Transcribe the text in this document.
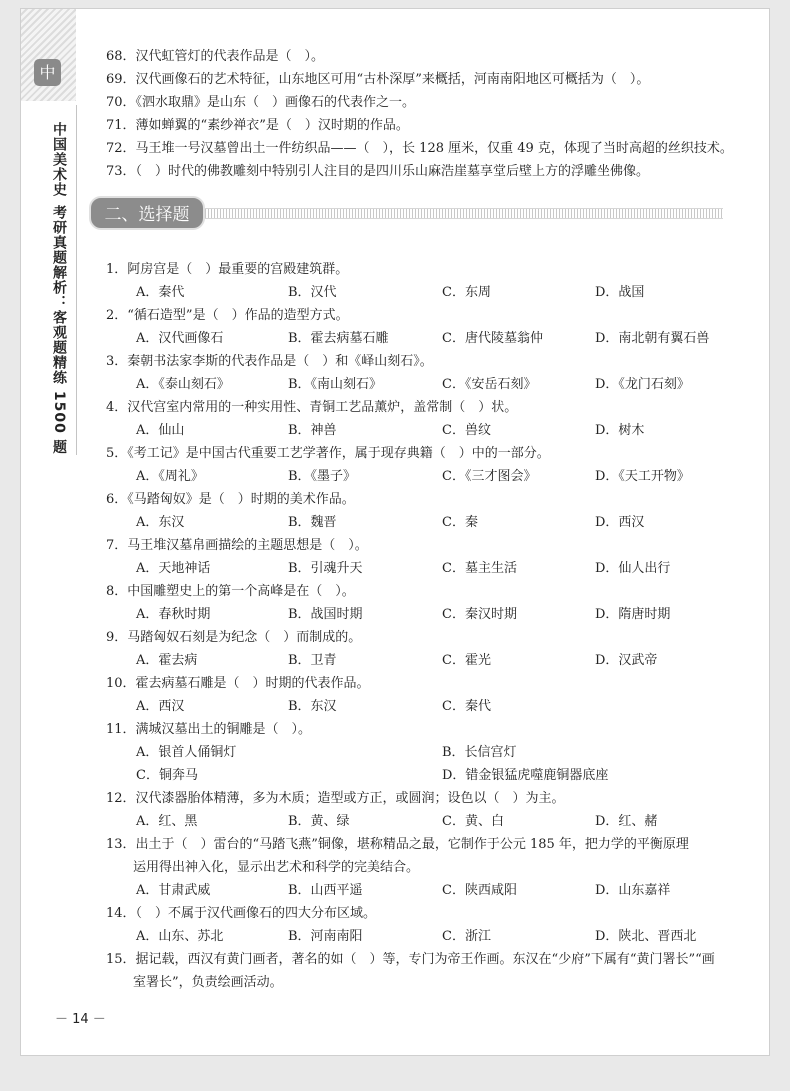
中
中国美术史考研真题解析：客观题精练 1500 题
68．汉代虹管灯的代表作品是（　）。
69．汉代画像石的艺术特征，山东地区可用“古朴深厚”来概括，河南南阳地区可概括为（　）。
70．《泗水取鼎》是山东（　）画像石的代表作之一。
71．薄如蝉翼的“素纱禅衣”是（　）汉时期的作品。
72．马王堆一号汉墓曾出土一件纺织品——（　），长 128 厘米，仅重 49 克，体现了当时高超的丝织技术。
73．（　）时代的佛教雕刻中特别引人注目的是四川乐山麻浩崖墓享堂后壁上方的浮雕坐佛像。
二、选择题
1．阿房宫是（　）最重要的宫殿建筑群。
A．秦代	B．汉代	C．东周	D．战国
2．“循石造型”是（　）作品的造型方式。
A．汉代画像石	B．霍去病墓石雕	C．唐代陵墓翁仲	D．南北朝有翼石兽
3．秦朝书法家李斯的代表作品是（　）和《峄山刻石》。
A．《泰山刻石》	B．《南山刻石》	C．《安岳石刻》	D．《龙门石刻》
4．汉代宫室内常用的一种实用性、青铜工艺品薰炉，盖常制（　）状。
A．仙山	B．神兽	C．兽纹	D．树木
5．《考工记》是中国古代重要工艺学著作，属于现存典籍（　）中的一部分。
A．《周礼》	B．《墨子》	C．《三才图会》	D．《天工开物》
6．《马踏匈奴》是（　）时期的美术作品。
A．东汉	B．魏晋	C．秦	D．西汉
7．马王堆汉墓帛画描绘的主题思想是（　）。
A．天地神话	B．引魂升天	C．墓主生活	D．仙人出行
8．中国雕塑史上的第一个高峰是在（　）。
A．春秋时期	B．战国时期	C．秦汉时期	D．隋唐时期
9．马踏匈奴石刻是为纪念（　）而制成的。
A．霍去病	B．卫青	C．霍光	D．汉武帝
10．霍去病墓石雕是（　）时期的代表作品。
A．西汉	B．东汉	C．秦代
11．满城汉墓出土的铜雕是（　）。
A．银首人俑铜灯	B．长信宫灯
C．铜奔马	D．错金银猛虎噬鹿铜器底座
12．汉代漆器胎体精薄，多为木质；造型或方正，或圆润；设色以（　）为主。
A．红、黑	B．黄、绿	C．黄、白	D．红、赭
13．出土于（　）雷台的“马踏飞燕”铜像，堪称精品之最，它制作于公元 185 年，把力学的平衡原理
运用得出神入化，显示出艺术和科学的完美结合。
A．甘肃武威	B．山西平遥	C．陕西咸阳	D．山东嘉祥
14．（　）不属于汉代画像石的四大分布区域。
A．山东、苏北	B．河南南阳	C．浙江	D．陕北、晋西北
15．据记载，西汉有黄门画者，著名的如（　）等，专门为帝王作画。东汉在“少府”下属有“黄门署长”“画
室署长”，负责绘画活动。
－ 14 －
